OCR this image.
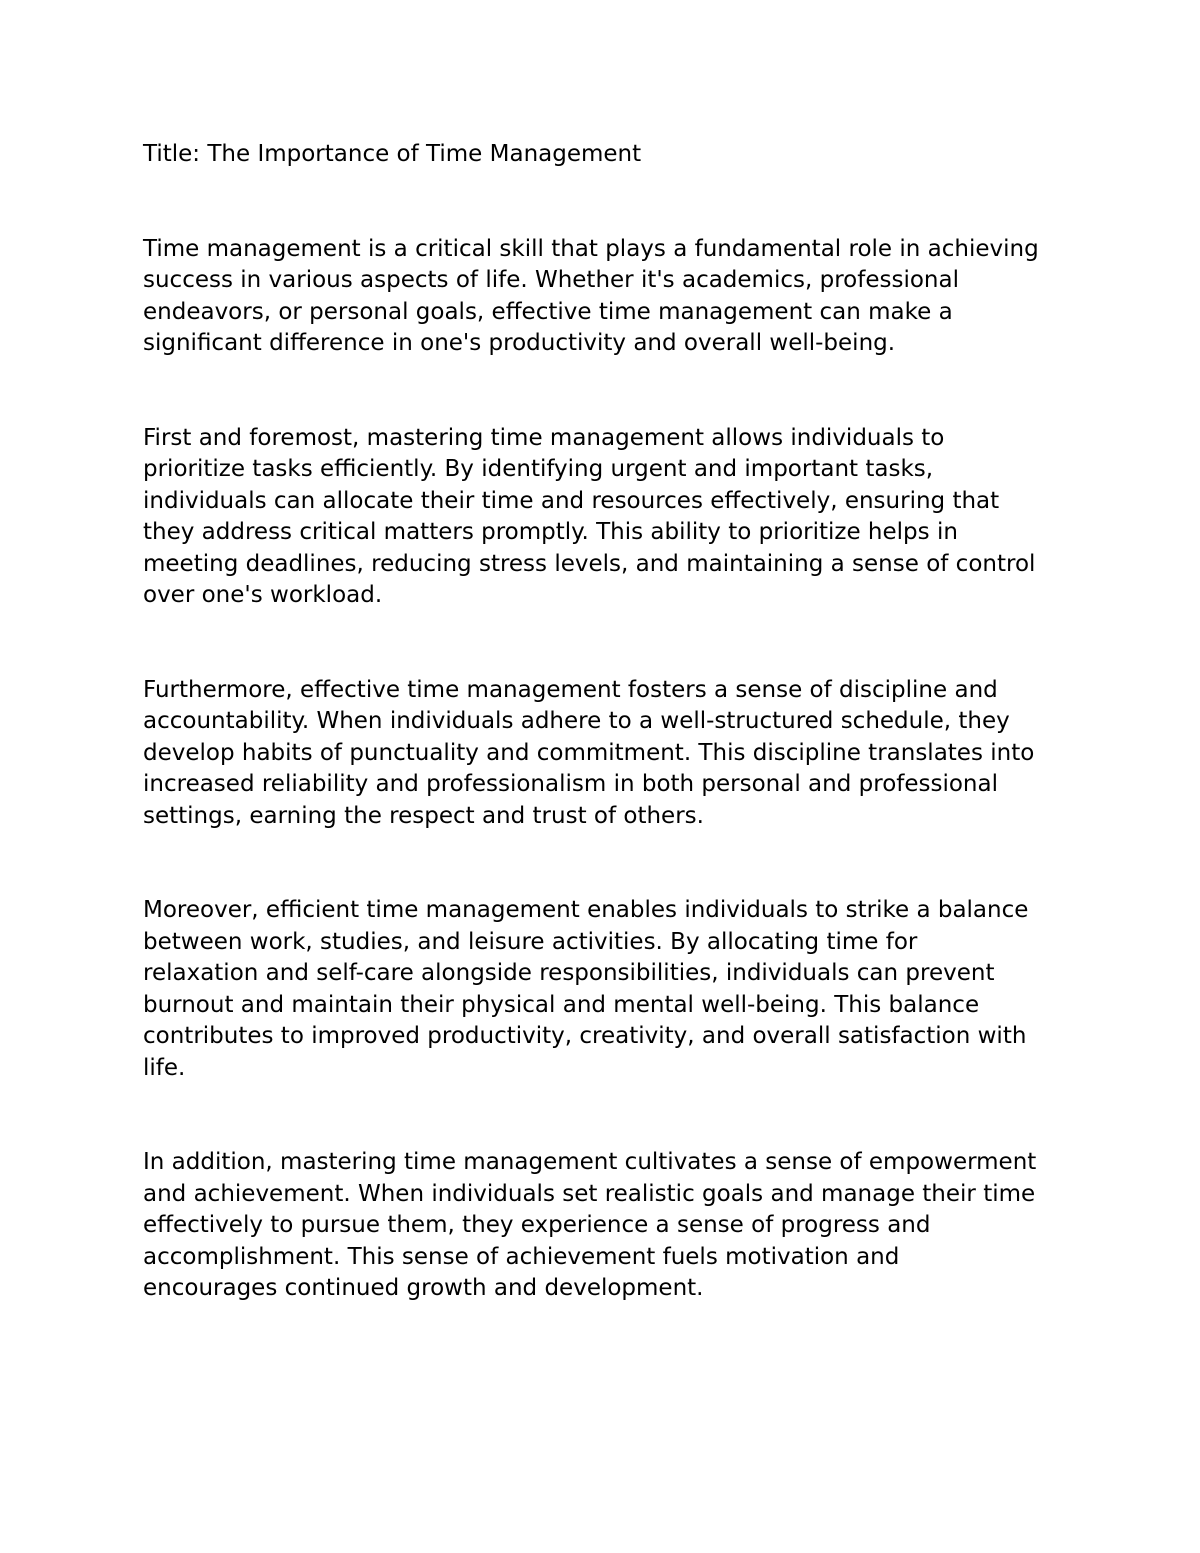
Title: The Importance of Time Management
Time management is a critical skill that plays a fundamental role in achieving
success in various aspects of life. Whether it's academics, professional
endeavors, or personal goals, effective time management can make a
significant difference in one's productivity and overall well-being.
First and foremost, mastering time management allows individuals to
prioritize tasks efficiently. By identifying urgent and important tasks,
individuals can allocate their time and resources effectively, ensuring that
they address critical matters promptly. This ability to prioritize helps in
meeting deadlines, reducing stress levels, and maintaining a sense of control
over one's workload.
Furthermore, effective time management fosters a sense of discipline and
accountability. When individuals adhere to a well-structured schedule, they
develop habits of punctuality and commitment. This discipline translates into
increased reliability and professionalism in both personal and professional
settings, earning the respect and trust of others.
Moreover, efficient time management enables individuals to strike a balance
between work, studies, and leisure activities. By allocating time for
relaxation and self-care alongside responsibilities, individuals can prevent
burnout and maintain their physical and mental well-being. This balance
contributes to improved productivity, creativity, and overall satisfaction with
life.
In addition, mastering time management cultivates a sense of empowerment
and achievement. When individuals set realistic goals and manage their time
effectively to pursue them, they experience a sense of progress and
accomplishment. This sense of achievement fuels motivation and
encourages continued growth and development.
